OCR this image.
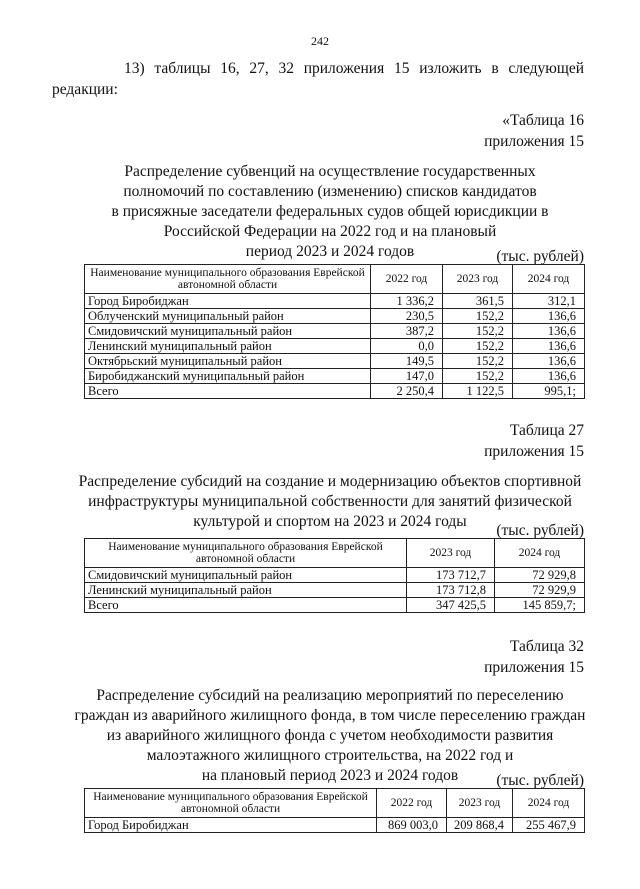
242
13) таблицы 16, 27, 32 приложения 15 изложить в следующей
редакции:
«Таблица 16
приложения 15
Распределение субвенций на осуществление государственных
полномочий по составлению (изменению) списков кандидатов
в присяжные заседатели федеральных судов общей юрисдикции в
Российской Федерации на 2022 год и на плановый
период 2023 и 2024 годов	(тыс. рублей)
Наименование муниципального образования Еврейской автономной области	2022 год	2023 год	2024 год
Город Биробиджан	1 336,2	361,5	312,1
Облученский муниципальный район	230,5	152,2	136,6
Смидовичский муниципальный район	387,2	152,2	136,6
Ленинский муниципальный район	0,0	152,2	136,6
Октябрьский муниципальный район	149,5	152,2	136,6
Биробиджанский муниципальный район	147,0	152,2	136,6
Всего	2 250,4	1 122,5	995,1;
Таблица 27
приложения 15
Распределение субсидий на создание и модернизацию объектов спортивной
инфраструктуры муниципальной собственности для занятий физической
культурой и спортом на 2023 и 2024 годы
(тыс. рублей)
Наименование муниципального образования Еврейской автономной области	2023 год	2024 год
Смидовичский муниципальный район	173 712,7	72 929,8
Ленинский муниципальный район	173 712,8	72 929,9
Всего	347 425,5	145 859,7;
Таблица 32
приложения 15
Распределение субсидий на реализацию мероприятий по переселению
граждан из аварийного жилищного фонда, в том числе переселению граждан
из аварийного жилищного фонда с учетом необходимости развития
малоэтажного жилищного строительства, на 2022 год и
на плановый период 2023 и 2024 годов	(тыс. рублей)
Наименование муниципального образования Еврейской автономной области	2022 год	2023 год	2024 год
Город Биробиджан	869 003,0	209 868,4	255 467,9
